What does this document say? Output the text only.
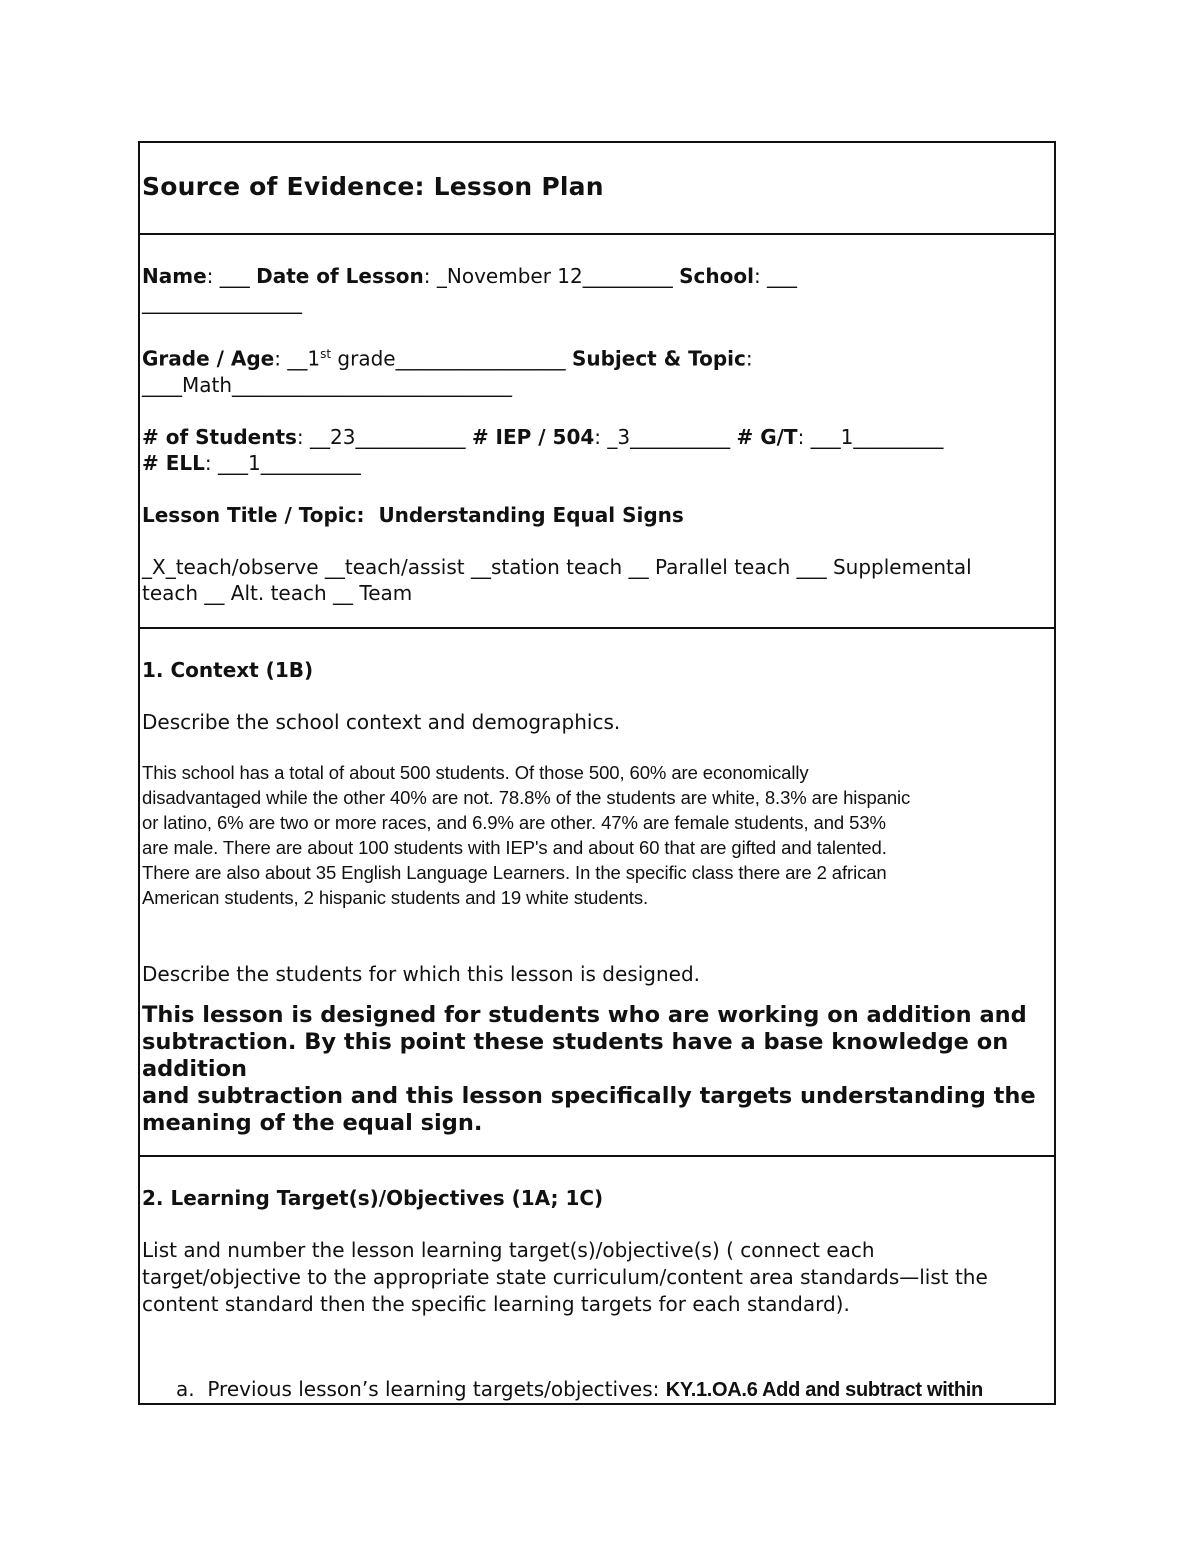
Source of Evidence: Lesson Plan
Name: ___ Date of Lesson: _November 12_________ School: ___
________________
Grade / Age: __1st grade_________________ Subject & Topic:
____Math____________________________
# of Students: __23___________ # IEP / 504: _3__________ # G/T: ___1_________
# ELL: ___1__________
Lesson Title / Topic:  Understanding Equal Signs
_X_teach/observe __teach/assist __station teach __ Parallel teach ___ Supplemental
teach __ Alt. teach __ Team
1. Context (1B)
Describe the school context and demographics.
This school has a total of about 500 students. Of those 500, 60% are economically
disadvantaged while the other 40% are not. 78.8% of the students are white, 8.3% are hispanic
or latino, 6% are two or more races, and 6.9% are other. 47% are female students, and 53%
are male. There are about 100 students with IEP's and about 60 that are gifted and talented.
There are also about 35 English Language Learners. In the specific class there are 2 african
American students, 2 hispanic students and 19 white students.
Describe the students for which this lesson is designed.
This lesson is designed for students who are working on addition and
subtraction. By this point these students have a base knowledge on addition
and subtraction and this lesson specifically targets understanding the
meaning of the equal sign.
2. Learning Target(s)/Objectives (1A; 1C)
List and number the lesson learning target(s)/objective(s) ( connect each
target/objective to the appropriate state curriculum/content area standards—list the
content standard then the specific learning targets for each standard).
a. Previous lesson’s learning targets/objectives: KY.1.OA.6 Add and subtract within
